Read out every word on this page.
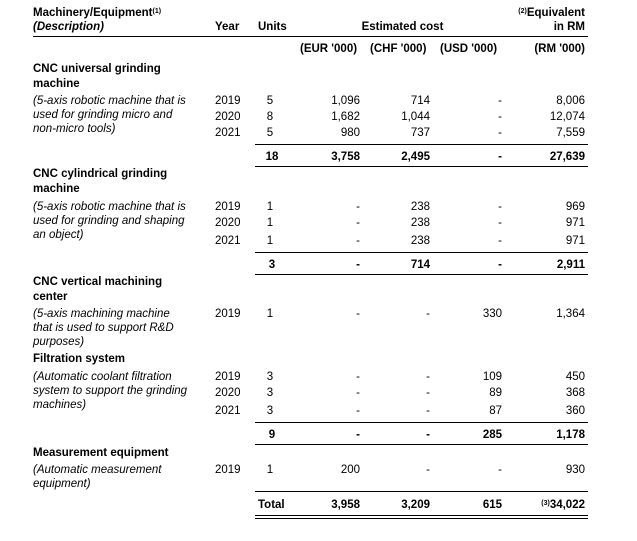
Machinery/Equipment$^{(1)}$
(Description)	Year Units	Estimated cost
$^{(2)}$Equivalent
in RM
(EUR '000) (CHF '000) (USD '000)	(RM '000)
CNC universal grinding
machine
(5-axis robotic machine that is
used for grinding micro and
non-micro tools)
2019	5	1,096	714	-	8,006
2020	8	1,682	1,044	-	12,074
2021	5	980	737	-	7,559
18	3,758	2,495	-	27,639
CNC cylindrical grinding
machine
(5-axis robotic machine that is
used for grinding and shaping
an object)
2019	1	-	238	-	969
2020	1	-	238	-	971
2021	1	-	238	-	971
3	-	714	-	2,911
CNC vertical machining
center
(5-axis machining machine
that is used to support R&D
purposes)
2019	1	-	-	330	1,364
Filtration system
(Automatic coolant filtration
system to support the grinding
machines)
2019	3	-	-	109	450
2020	3	-	-	89	368
2021	3	-	-	87	360
9	-	-	285	1,178
Measurement equipment
(Automatic measurement
equipment)
2019	1	200	-	-	930
Total	3,958	3,209	615	$^{(3)}$34,022
